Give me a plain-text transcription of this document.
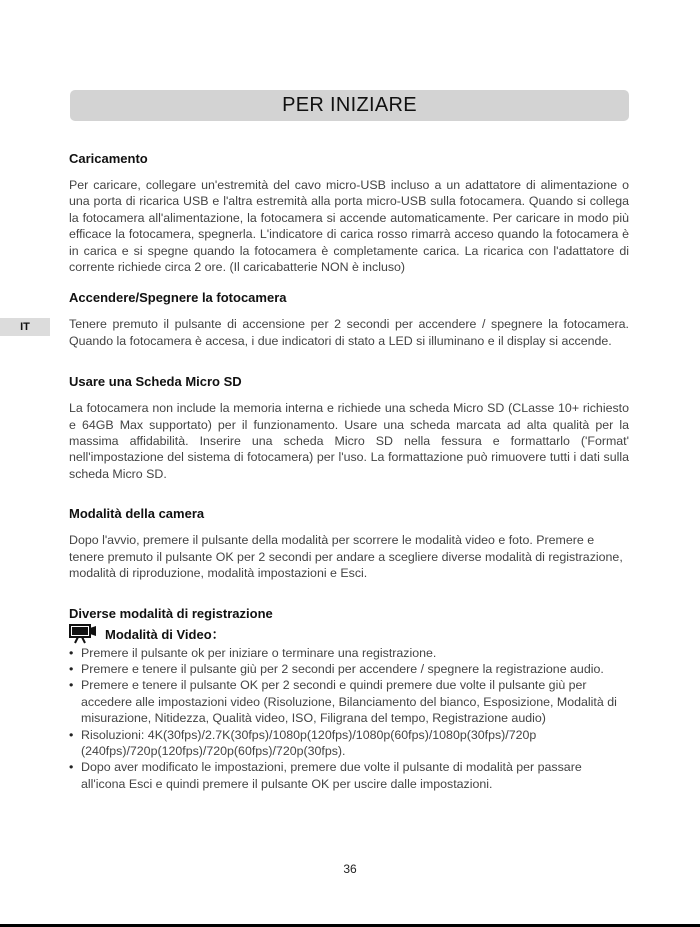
PER INIZIARE
IT
Caricamento

Per caricare, collegare un'estremità del cavo micro-USB incluso a un adattatore di alimentazione o una porta di ricarica USB e l'altra estremità alla porta micro-USB sulla fotocamera. Quando si collega la fotocamera all'alimentazione, la fotocamera si accende automaticamente. Per caricare in modo più efficace la fotocamera, spegnerla. L'indicatore di carica rosso rimarrà acceso quando la fotocamera è in carica e si spegne quando la fotocamera è completamente carica. La ricarica con l'adattatore di corrente richiede circa 2 ore. (Il caricabatterie NON è incluso)

Accendere/Spegnere la fotocamera

Tenere premuto il pulsante di accensione per 2 secondi per accendere / spegnere la fotocamera. Quando la fotocamera è accesa, i due indicatori di stato a LED si illuminano e il display si accende.

Usare una Scheda Micro SD

La fotocamera non include la memoria interna e richiede una scheda Micro SD (CLasse 10+ richiesto e 64GB Max supportato) per il funzionamento. Usare una scheda marcata ad alta qualità per la massima affidabilità. Inserire una scheda Micro SD nella fessura e formattarlo ('Format' nell'impostazione del sistema di fotocamera) per l'uso. La formattazione può rimuovere tutti i dati sulla scheda Micro SD.

Modalità della camera

Dopo l'avvio, premere il pulsante della modalità per scorrere le modalità video e foto. Premere e tenere premuto il pulsante OK per 2 secondi per andare a scegliere diverse modalità di registrazione, modalità di riproduzione, modalità impostazioni e Esci.

Diverse modalità di registrazione
Modalità di Video：
• Premere il pulsante ok per iniziare o terminare una registrazione.
• Premere e tenere il pulsante giù per 2 secondi per accendere / spegnere la registrazione audio.
• Premere e tenere il pulsante OK per 2 secondi e quindi premere due volte il pulsante giù per accedere alle impostazioni video (Risoluzione, Bilanciamento del bianco, Esposizione, Modalità di misurazione, Nitidezza, Qualità video, ISO, Filigrana del tempo, Registrazione audio)
• Risoluzioni: 4K(30fps)/2.7K(30fps)/1080p(120fps)/1080p(60fps)/1080p(30fps)/720p (240fps)/720p(120fps)/720p(60fps)/720p(30fps).
• Dopo aver modificato le impostazioni, premere due volte il pulsante di modalità per passare all'icona Esci e quindi premere il pulsante OK per uscire dalle impostazioni.
36
